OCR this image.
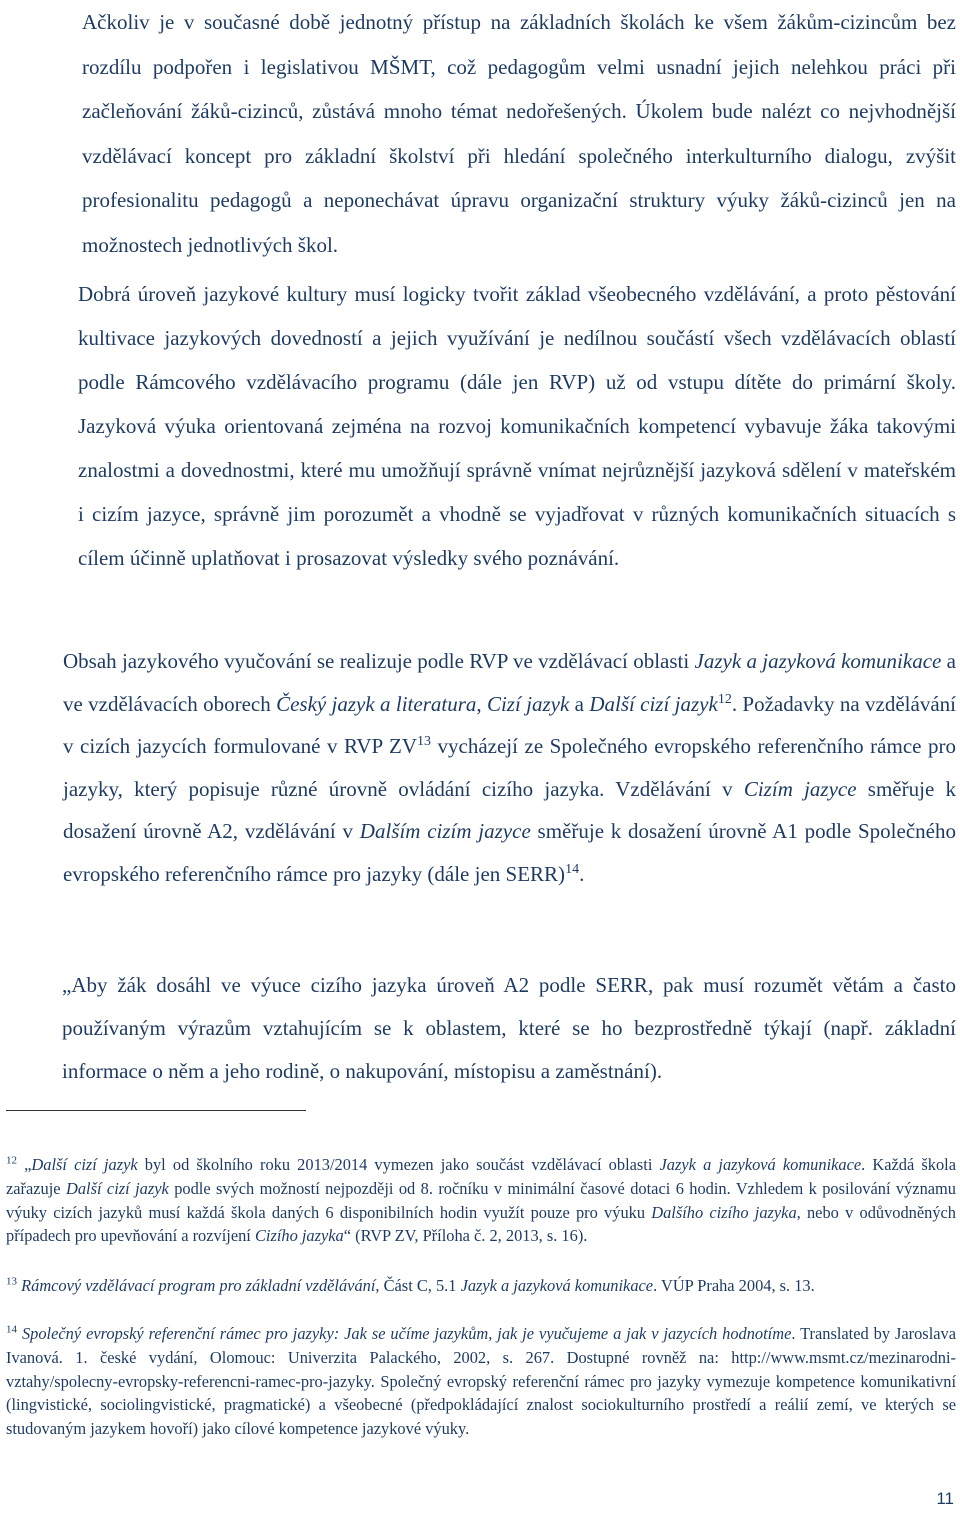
Ačkoliv je v současné době jednotný přístup na základních školách ke všem žákům-cizincům bez rozdílu podpořen i legislativou MŠMT, což pedagogům velmi usnadní jejich nelehkou práci při začleňování žáků-cizinců, zůstává mnoho témat nedořešených. Úkolem bude nalézt co nejvhodnější vzdělávací koncept pro základní školství při hledání společného interkulturního dialogu, zvýšit profesionalitu pedagogů a neponechávat úpravu organizační struktury výuky žáků-cizinců jen na možnostech jednotlivých škol.

Dobrá úroveň jazykové kultury musí logicky tvořit základ všeobecného vzdělávání, a proto pěstování kultivace jazykových dovedností a jejich využívání je nedílnou součástí všech vzdělávacích oblastí podle Rámcového vzdělávacího programu (dále jen RVP) už od vstupu dítěte do primární školy. Jazyková výuka orientovaná zejména na rozvoj komunikačních kompetencí vybavuje žáka takovými znalostmi a dovednostmi, které mu umožňují správně vnímat nejrůznější jazyková sdělení v mateřském i cizím jazyce, správně jim porozumět a vhodně se vyjadřovat v různých komunikačních situacích s cílem účinně uplatňovat i prosazovat výsledky svého poznávání.

Obsah jazykového vyučování se realizuje podle RVP ve vzdělávací oblasti Jazyk a jazyková komunikace a ve vzdělávacích oborech Český jazyk a literatura, Cizí jazyk a Další cizí jazyk$^{12}$. Požadavky na vzdělávání v cizích jazycích formulované v RVP ZV$^{13}$ vycházejí ze Společného evropského referenčního rámce pro jazyky, který popisuje různé úrovně ovládání cizího jazyka. Vzdělávání v Cizím jazyce směřuje k dosažení úrovně A2, vzdělávání v Dalším cizím jazyce směřuje k dosažení úrovně A1 podle Společného evropského referenčního rámce pro jazyky (dále jen SERR)$^{14}$.

„Aby žák dosáhl ve výuce cizího jazyka úroveň A2 podle SERR, pak musí rozumět větám a často používaným výrazům vztahujícím se k oblastem, které se ho bezprostředně týkají (např. základní informace o něm a jeho rodině, o nakupování, místopisu a zaměstnání).

$^{12}$ „Další cizí jazyk byl od školního roku 2013/2014 vymezen jako součást vzdělávací oblasti Jazyk a jazyková komunikace. Každá škola zařazuje Další cizí jazyk podle svých možností nejpozději od 8. ročníku v minimální časové dotaci 6 hodin. Vzhledem k posilování významu výuky cizích jazyků musí každá škola daných 6 disponibilních hodin využít pouze pro výuku Dalšího cizího jazyka, nebo v odůvodněných případech pro upevňování a rozvíjení Cizího jazyka“ (RVP ZV, Příloha č. 2, 2013, s. 16).

$^{13}$ Rámcový vzdělávací program pro základní vzdělávání, Část C, 5.1 Jazyk a jazyková komunikace. VÚP Praha 2004, s. 13.

$^{14}$ Společný evropský referenční rámec pro jazyky: Jak se učíme jazykům, jak je vyučujeme a jak v jazycích hodnotíme. Translated by Jaroslava Ivanová. 1. české vydání, Olomouc: Univerzita Palackého, 2002, s. 267. Dostupné rovněž na: http://www.msmt.cz/mezinarodni-vztahy/spolecny-evropsky-referencni-ramec-pro-jazyky. Společný evropský referenční rámec pro jazyky vymezuje kompetence komunikativní (lingvistické, sociolingvistické, pragmatické) a všeobecné (předpokládající znalost sociokulturního prostředí a reálií zemí, ve kterých se studovaným jazykem hovoří) jako cílové kompetence jazykové výuky.

11
